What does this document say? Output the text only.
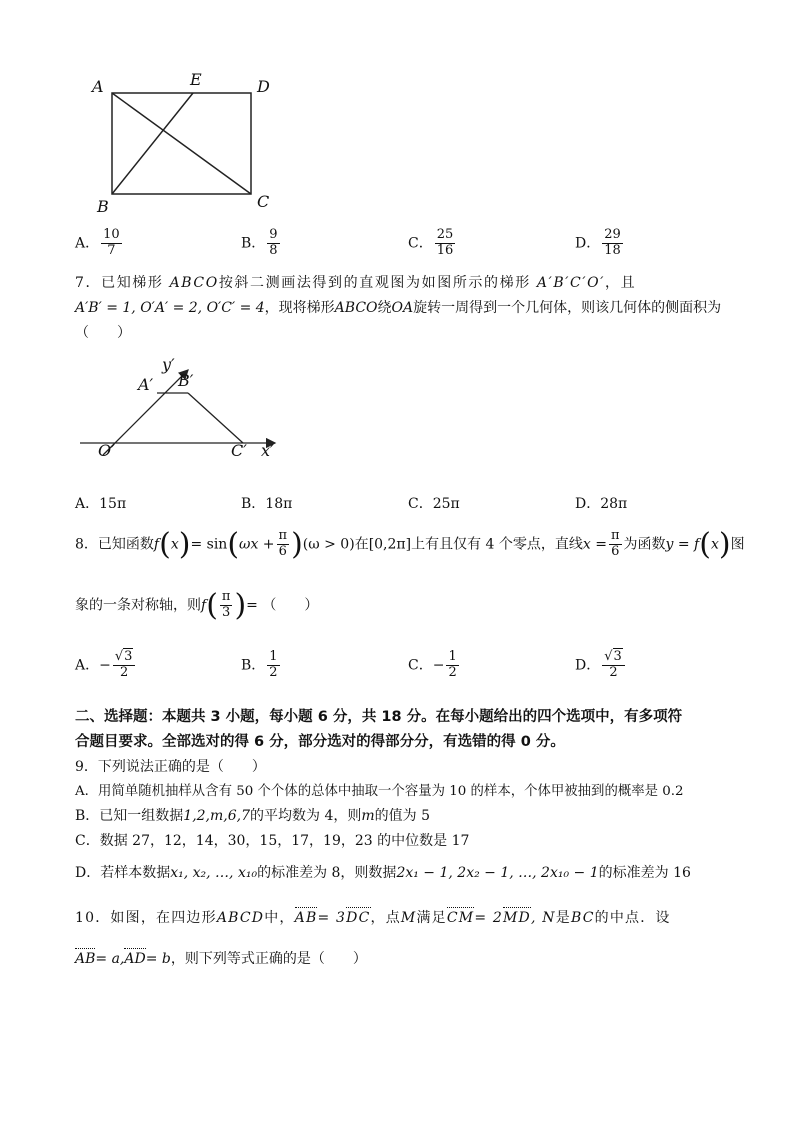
A	E	D
B	C
A． $\frac{10}{7}$	B． $\frac{9}{8}$	C． $\frac{25}{16}$	D． $\frac{29}{18}$
7．已知梯形 ABCO按斜二测画法得到的直观图为如图所示的梯形 A′B′C′O′，且
A′B′ = 1, O′A′ = 2, O′C′ = 4，现将梯形ABCO绕OA旋转一周得到一个几何体，则该几何体的侧面积为
（　　）
y′
A′ B′
O′	C′ x′
A．15π	B．18π	C．25π	D．28π
8．已知函数$f(x)= \sin(\omega x + \frac{\pi}{6} )(\omega > 0)$在[0,2π]上有且仅有 4 个零点，直线$x = \frac{\pi}{6}$ 为函数y = f(x)图
象的一条对称轴，则$f( \frac{\pi}{3}$ )= （　　）
A．− $\frac{√3}{2}$	B． $\frac{1}{2}$	C．− $\frac{1}{2}$	D． $\frac{√3}{2}$
二、选择题：本题共 3 小题，每小题 6 分，共 18 分。在每小题给出的四个选项中，有多项符
合题目要求。全部选对的得 6 分，部分选对的得部分分，有选错的得 0 分。
9．下列说法正确的是（　　）
A．用简单随机抽样从含有 50 个个体的总体中抽取一个容量为 10 的样本，个体甲被抽到的概率是 0.2
B．已知一组数据1,2,m,6,7的平均数为 4，则m的值为 5
C．数据 27，12，14，30，15，17，19，23 的中位数是 17
D．若样本数据x₁, x₂, …, x₁₀的标准差为 8，则数据2x₁ − 1, 2x₂ − 1, …, 2x₁₀ − 1的标准差为 16
10．如图，在四边形ABCD中，AB= 3DC，点M满足CM= 2MD, N是BC的中点．设
AB= a,AD= b，则下列等式正确的是（　　）
